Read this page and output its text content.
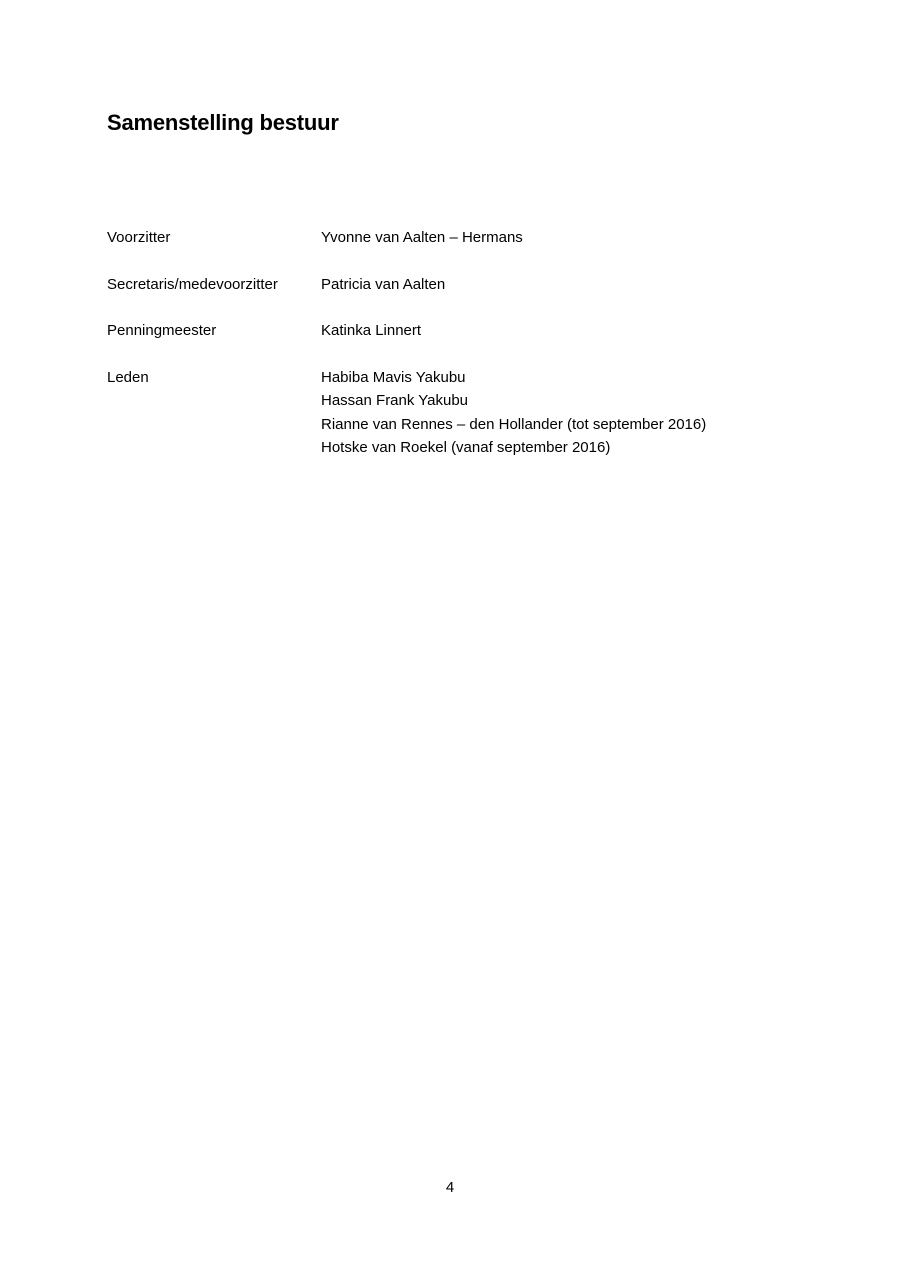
Samenstelling bestuur
Voorzitter	Yvonne van Aalten – Hermans
Secretaris/medevoorzitter	Patricia van Aalten
Penningmeester	Katinka Linnert
Leden	Habiba Mavis Yakubu
Hassan Frank Yakubu
Rianne van Rennes – den Hollander (tot september 2016)
Hotske van Roekel (vanaf september 2016)
4
